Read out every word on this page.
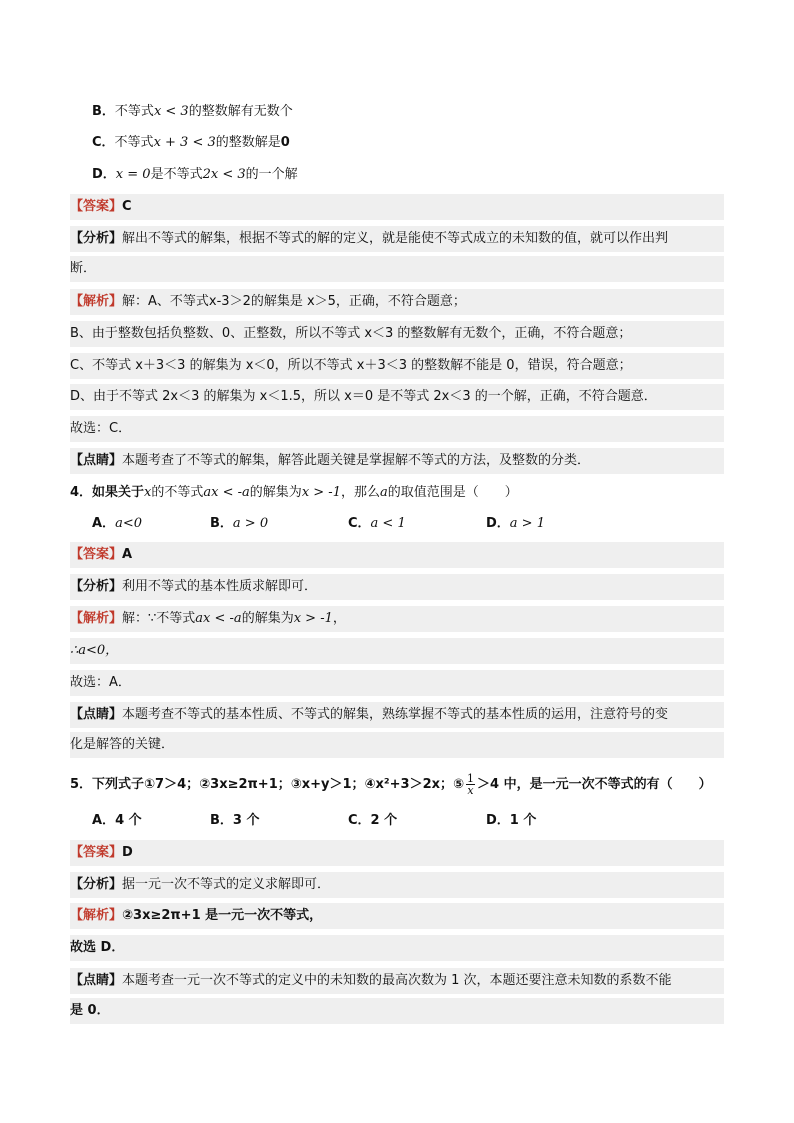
B．不等式x < 3的整数解有无数个
C．不等式x + 3 < 3的整数解是0
D．x = 0是不等式2x < 3的一个解
【答案】C
【分析】解出不等式的解集，根据不等式的解的定义，就是能使不等式成立的未知数的值，就可以作出判
断．
【解析】解：A、不等式x-3＞2的解集是 x＞5，正确，不符合题意；
B、由于整数包括负整数、0、正整数，所以不等式 x＜3 的整数解有无数个，正确，不符合题意；
C、不等式 x＋3＜3 的解集为 x＜0，所以不等式 x＋3＜3 的整数解不能是 0，错误，符合题意；
D、由于不等式 2x＜3 的解集为 x＜1.5，所以 x＝0 是不等式 2x＜3 的一个解，正确，不符合题意．
故选：C．
【点睛】本题考查了不等式的解集，解答此题关键是掌握解不等式的方法，及整数的分类．
4．如果关于x的不等式ax < -a的解集为x > -1，那么a的取值范围是（　　）
A．a<0	B．a > 0	C．a < 1	D．a > 1
【答案】A
【分析】利用不等式的基本性质求解即可．
【解析】解：∵不等式ax < -a的解集为x > -1，
∴a<0，
故选：A．
【点睛】本题考查不等式的基本性质、不等式的解集，熟练掌握不等式的基本性质的运用，注意符号的变
化是解答的关键．
5．下列式子①7＞4；②3x≥2π+1；③x+y＞1；④x²+3＞2x；⑤ $\frac{1}{x} >4$ 中，是一元一次不等式的有（　　）
A．4 个	B．3 个	C．2 个	D．1 个
【答案】D
【分析】据一元一次不等式的定义求解即可．
【解析】②3x≥2π+1 是一元一次不等式，
故选 D．
【点睛】本题考查一元一次不等式的定义中的未知数的最高次数为 1 次，本题还要注意未知数的系数不能
是 0．
